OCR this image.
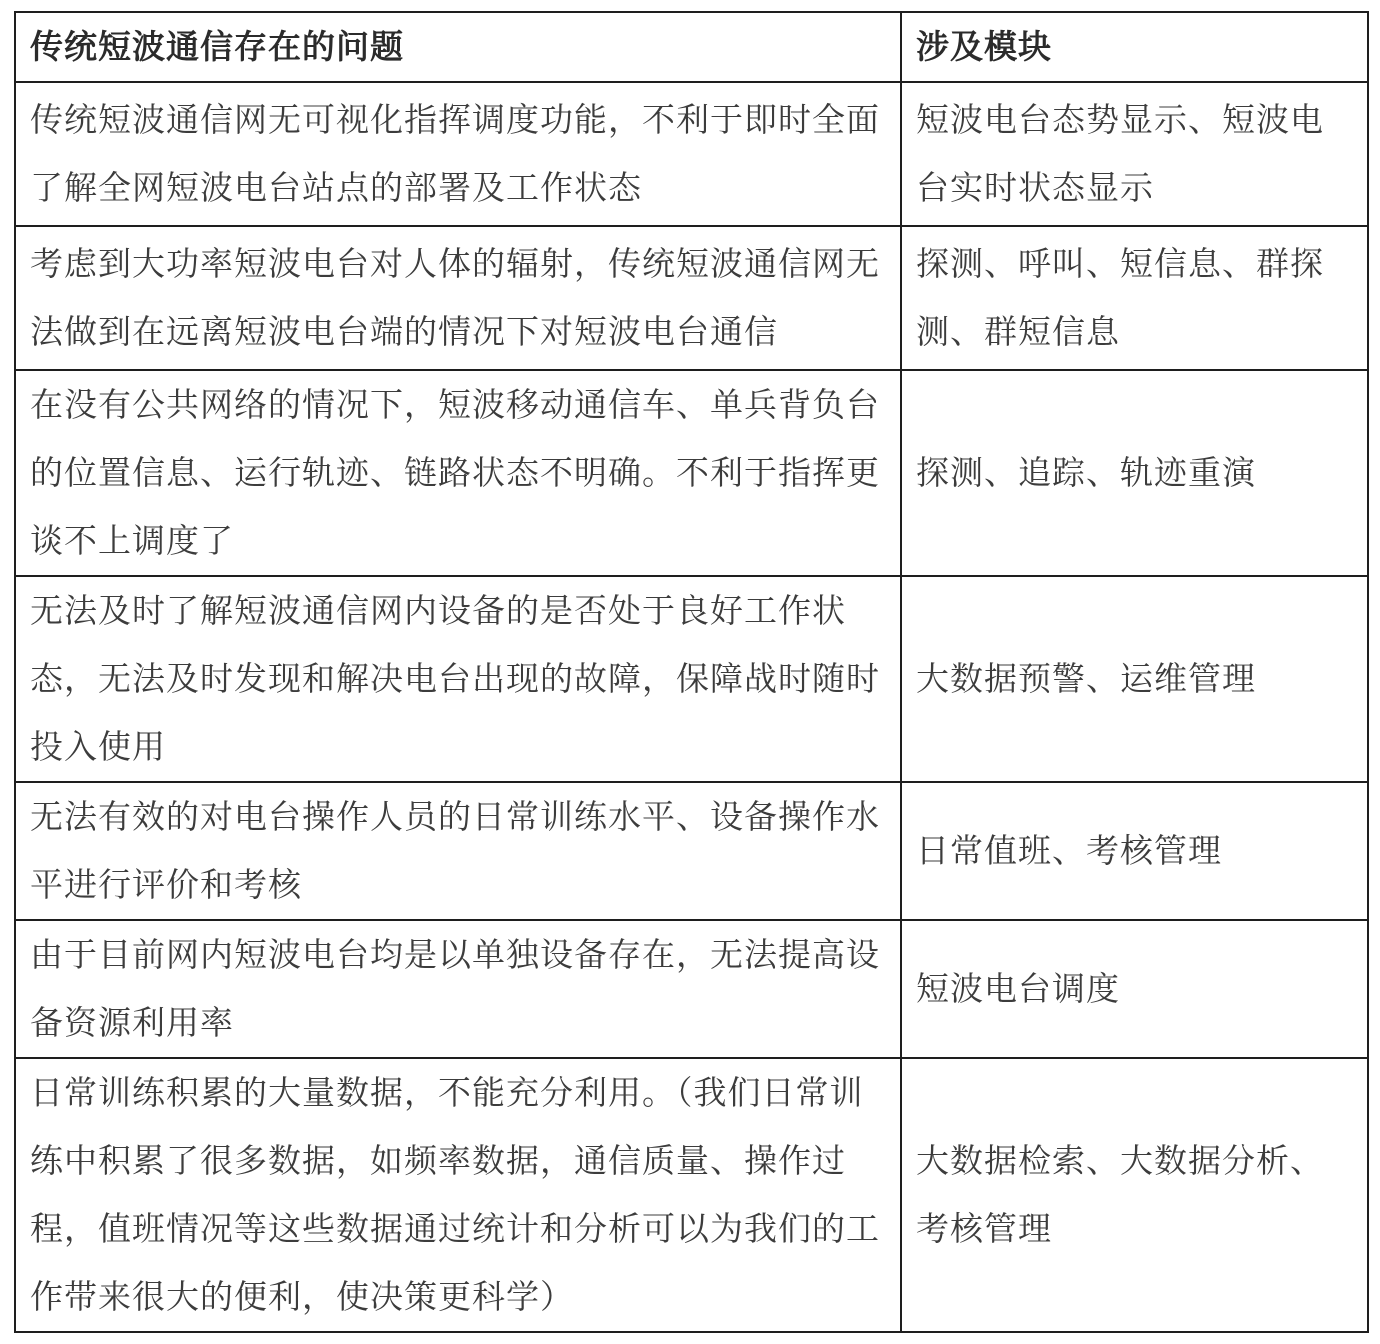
传统短波通信存在的问题	涉及模块
传统短波通信网无可视化指挥调度功能，不利于即时全面了解全网短波电台站点的部署及工作状态	短波电台态势显示、短波电台实时状态显示
考虑到大功率短波电台对人体的辐射，传统短波通信网无法做到在远离短波电台端的情况下对短波电台通信	探测、呼叫、短信息、群探测、群短信息
在没有公共网络的情况下，短波移动通信车、单兵背负台的位置信息、运行轨迹、链路状态不明确。不利于指挥更谈不上调度了	探测、追踪、轨迹重演
无法及时了解短波通信网内设备的是否处于良好工作状态，无法及时发现和解决电台出现的故障，保障战时随时投入使用	大数据预警、运维管理
无法有效的对电台操作人员的日常训练水平、设备操作水平进行评价和考核	日常值班、考核管理
由于目前网内短波电台均是以单独设备存在，无法提高设备资源利用率	短波电台调度
日常训练积累的大量数据，不能充分利用。（我们日常训练中积累了很多数据，如频率数据，通信质量、操作过程，值班情况等这些数据通过统计和分析可以为我们的工作带来很大的便利，使决策更科学）	大数据检索、大数据分析、考核管理
